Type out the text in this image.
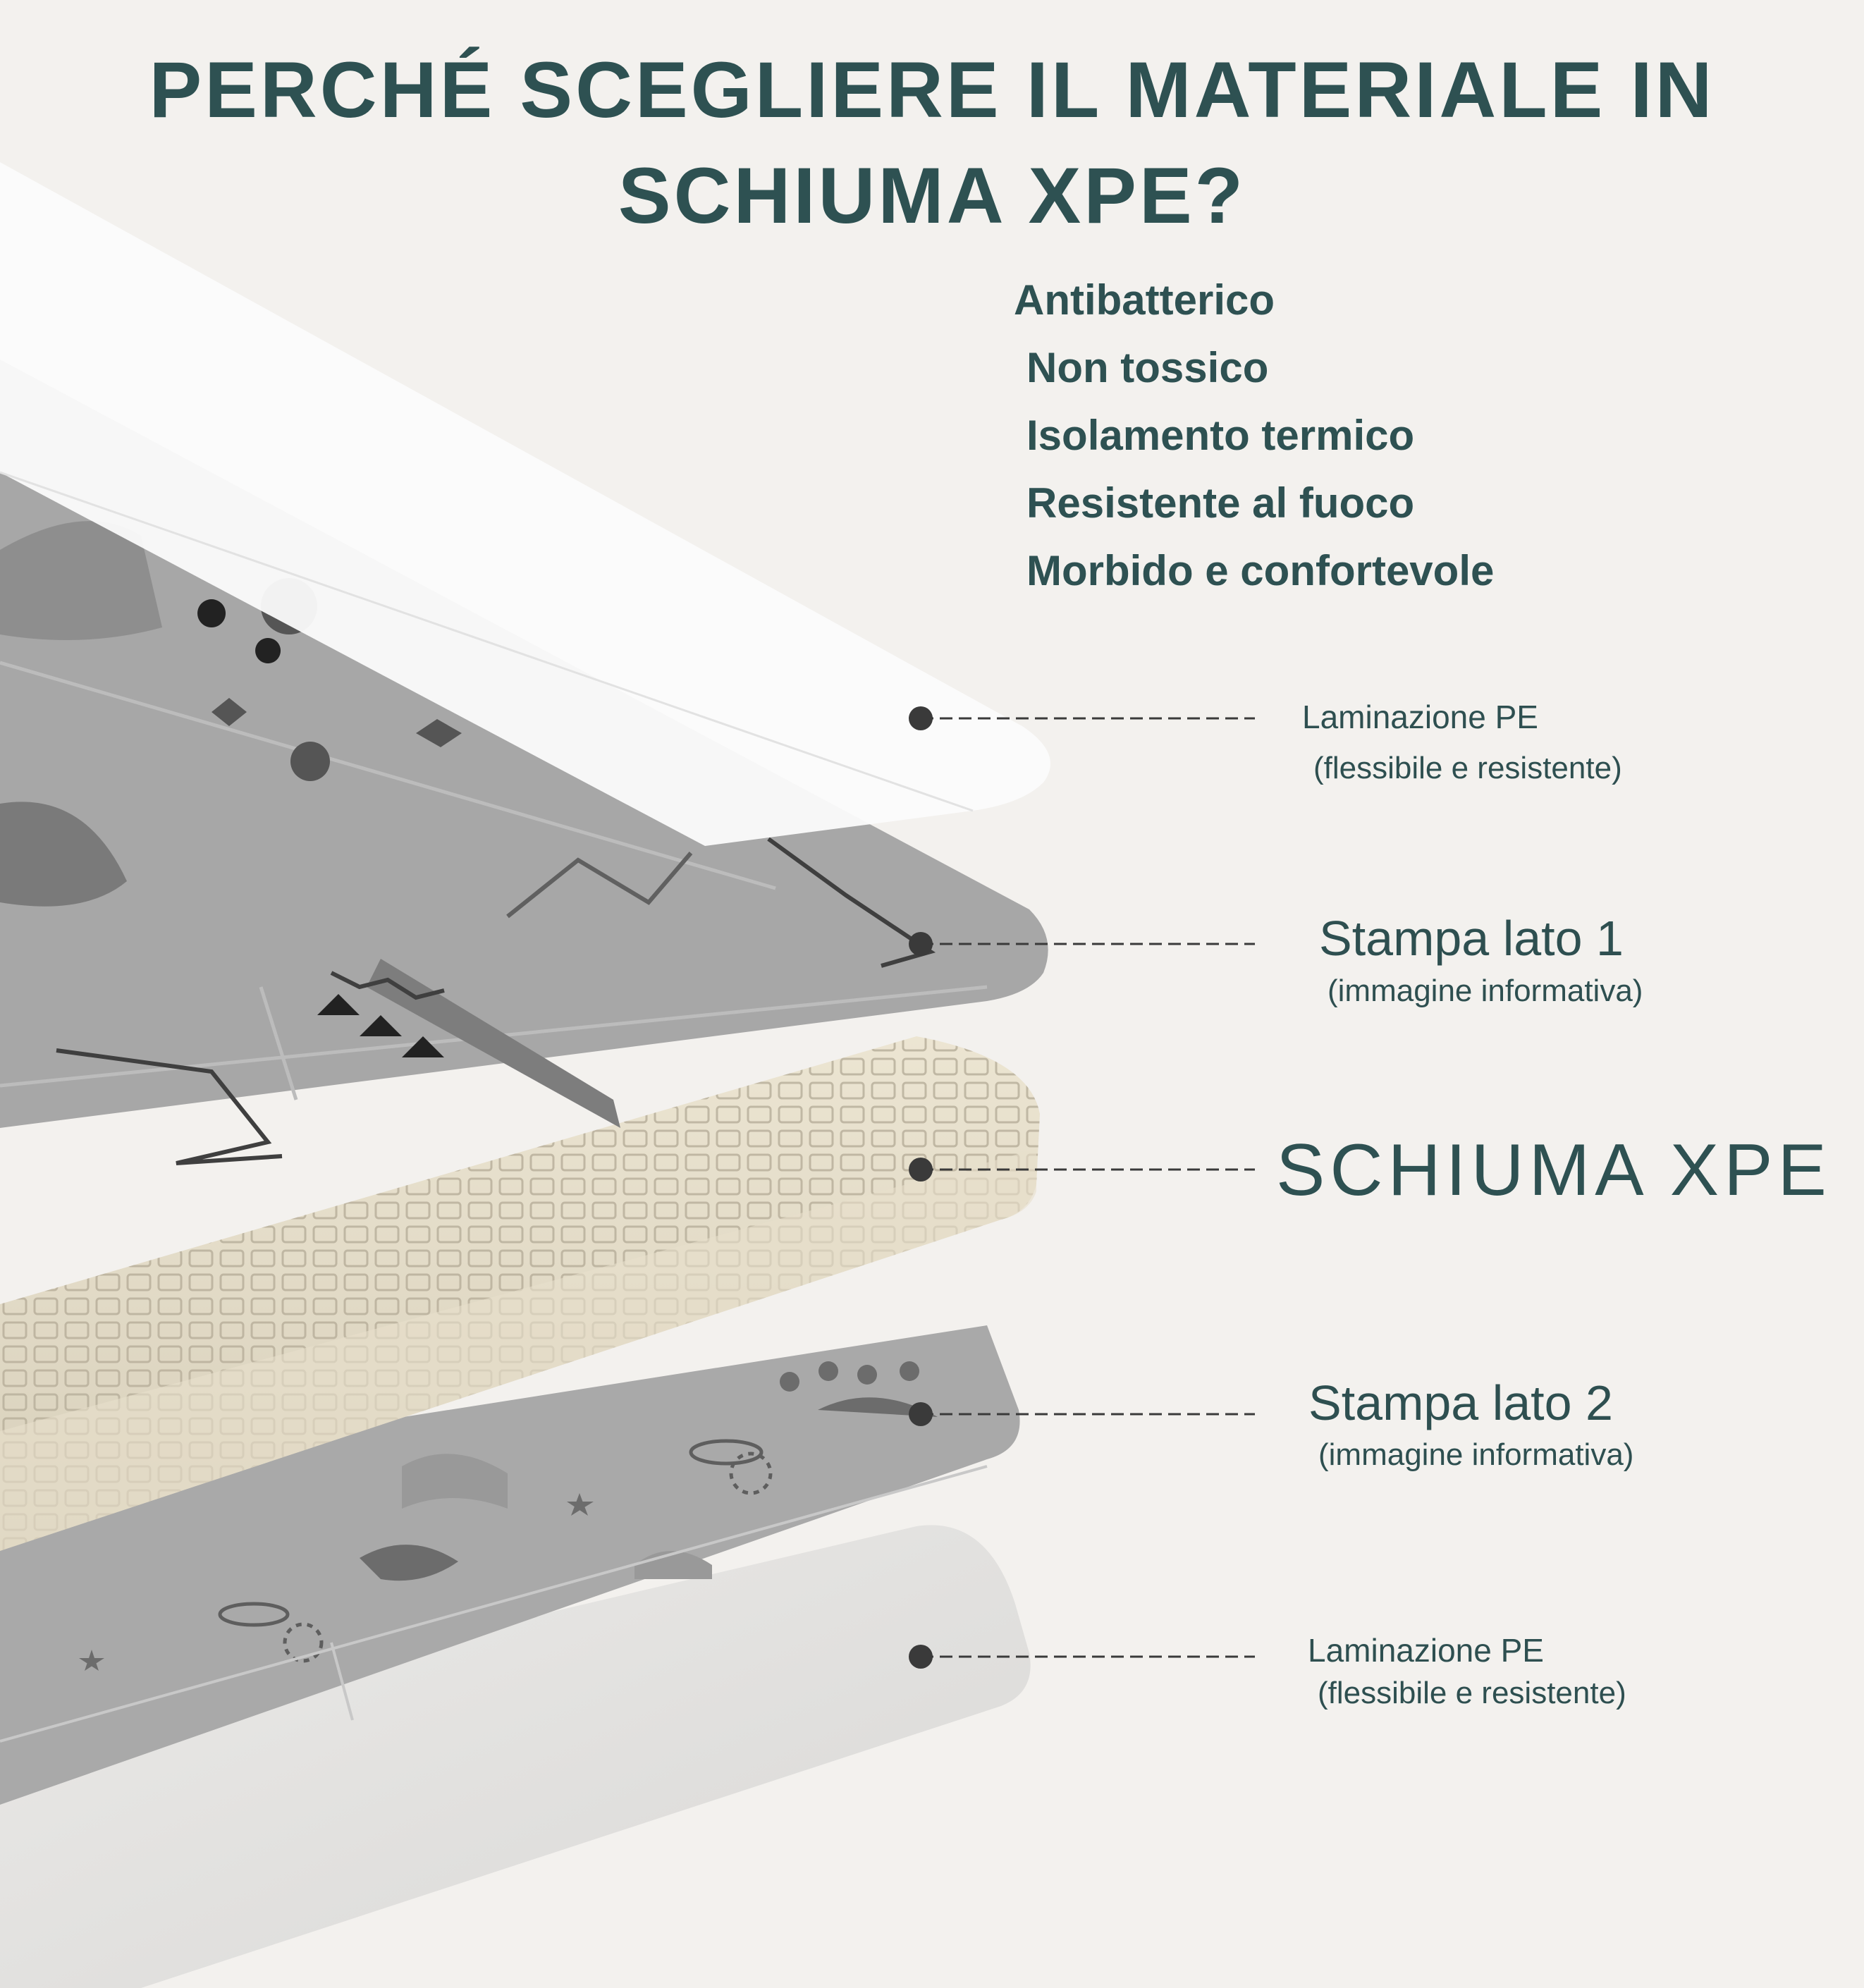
PERCHÉ SCEGLIERE IL MATERIALE IN
SCHIUMA XPE?
Antibatterico
Non tossico
Isolamento termico
Resistente al fuoco
Morbido e confortevole
Laminazione PE
(flessibile e resistente)
Stampa lato 1
(immagine informativa)
SCHIUMA XPE
Stampa lato 2
(immagine informativa)
Laminazione PE
(flessibile e resistente)
